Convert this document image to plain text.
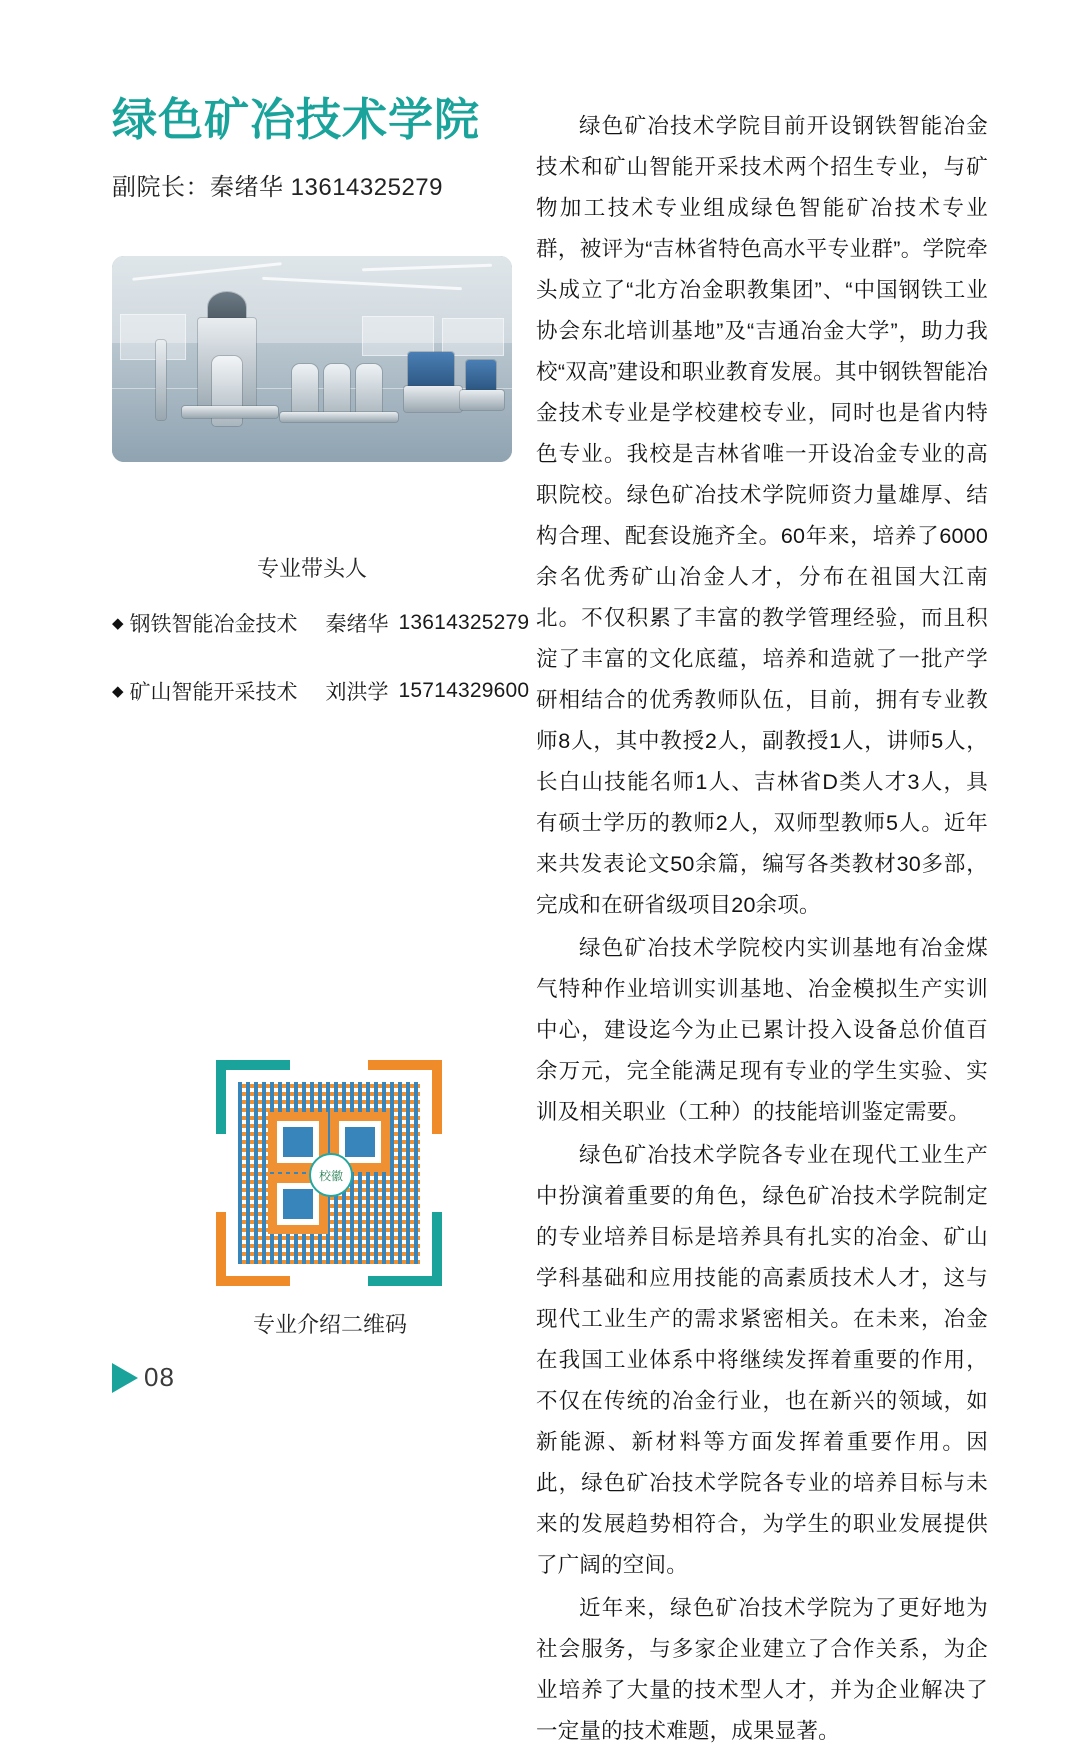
绿色矿冶技术学院
副院长：秦绪华 13614325279
专业带头人
◆ 钢铁智能冶金技术	秦绪华 13614325279
◆ 矿山智能开采技术	刘洪学 15714329600
校徽
专业介绍二维码
08

绿色矿冶技术学院目前开设钢铁智能冶金技术和矿山智能开采技术两个招生专业，与矿物加工技术专业组成绿色智能矿冶技术专业群，被评为“吉林省特色高水平专业群”。学院牵头成立了“北方冶金职教集团”、“中国钢铁工业协会东北培训基地”及“吉通冶金大学”，助力我校“双高”建设和职业教育发展。其中钢铁智能冶金技术专业是学校建校专业，同时也是省内特色专业。我校是吉林省唯一开设冶金专业的高职院校。绿色矿冶技术学院师资力量雄厚、结构合理、配套设施齐全。60年来，培养了6000余名优秀矿山冶金人才，分布在祖国大江南北。不仅积累了丰富的教学管理经验，而且积淀了丰富的文化底蕴，培养和造就了一批产学研相结合的优秀教师队伍，目前，拥有专业教师8人，其中教授2人，副教授1人，讲师5人，长白山技能名师1人、吉林省D类人才3人，具有硕士学历的教师2人，双师型教师5人。近年来共发表论文50余篇，编写各类教材30多部，完成和在研省级项目20余项。

绿色矿冶技术学院校内实训基地有冶金煤气特种作业培训实训基地、冶金模拟生产实训中心，建设迄今为止已累计投入设备总价值百余万元，完全能满足现有专业的学生实验、实训及相关职业（工种）的技能培训鉴定需要。

绿色矿冶技术学院各专业在现代工业生产中扮演着重要的角色，绿色矿冶技术学院制定的专业培养目标是培养具有扎实的冶金、矿山学科基础和应用技能的高素质技术人才，这与现代工业生产的需求紧密相关。在未来，冶金在我国工业体系中将继续发挥着重要的作用，不仅在传统的冶金行业，也在新兴的领域，如新能源、新材料等方面发挥着重要作用。因此，绿色矿冶技术学院各专业的培养目标与未来的发展趋势相符合，为学生的职业发展提供了广阔的空间。

近年来，绿色矿冶技术学院为了更好地为社会服务，与多家企业建立了合作关系，为企业培养了大量的技术型人才，并为企业解决了一定量的技术难题，成果显著。
